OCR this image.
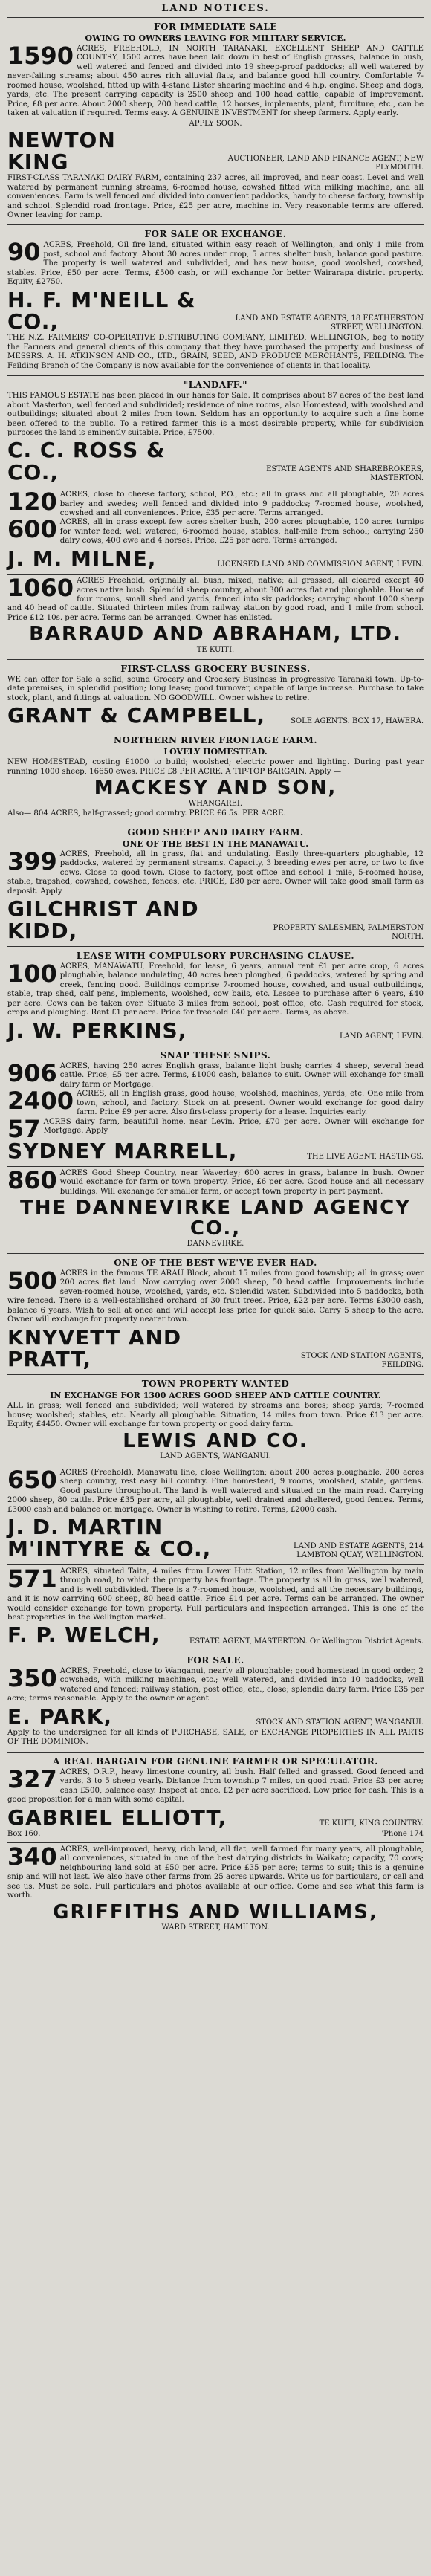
LAND NOTICES.
FOR IMMEDIATE SALE
OWING TO OWNERS LEAVING FOR MILITARY SERVICE.

1590 ACRES, FREEHOLD, IN NORTH TARANAKI, EXCELLENT SHEEP AND CATTLE COUNTRY, 1500 acres have been laid down in best of English grasses, balance in bush, well watered and fenced and divided into 19 sheep-proof paddocks; all well watered by never-failing streams; about 450 acres rich alluvial flats, and balance good hill country. Comfortable 7-roomed house, woolshed, fitted up with 4-stand Lister shearing machine and 4 h.p. engine. Sheep and dogs, yards, etc. The present carrying capacity is 2500 sheep and 100 head cattle, capable of improvement. Price, £8 per acre. About 2000 sheep, 200 head cattle, 12 horses, implements, plant, furniture, etc., can be taken at valuation if required. Terms easy. A GENUINE INVESTMENT for sheep farmers. Apply early.

APPLY SOON.
NEWTON KING	AUCTIONEER, LAND AND FINANCE AGENT, NEW PLYMOUTH.

FIRST-CLASS TARANAKI DAIRY FARM, containing 237 acres, all improved, and near coast. Level and well watered by permanent running streams, 6-roomed house, cowshed fitted with milking machine, and all conveniences. Farm is well fenced and divided into convenient paddocks, handy to cheese factory, township and school. Splendid road frontage. Price, £25 per acre, machine in. Very reasonable terms are offered. Owner leaving for camp.

FOR SALE OR EXCHANGE.

90 ACRES, Freehold, Oil fire land, situated within easy reach of Wellington, and only 1 mile from post, school and factory. About 30 acres under crop, 5 acres shelter bush, balance good pasture. The property is well watered and subdivided, and has new house, good woolshed, cowshed, stables. Price, £50 per acre. Terms, £500 cash, or will exchange for better Wairarapa district property. Equity, £2750.

H. F. M'NEILL & CO.,	LAND AND ESTATE AGENTS, 18 FEATHERSTON STREET, WELLINGTON.

THE N.Z. FARMERS' CO-OPERATIVE DISTRIBUTING COMPANY, LIMITED, WELLINGTON, beg to notify the Farmers and general clients of this company that they have purchased the property and business of MESSRS. A. H. ATKINSON AND CO., LTD., GRAIN, SEED, AND PRODUCE MERCHANTS, FEILDING. The Feilding Branch of the Company is now available for the convenience of clients in that locality.

"LANDAFF."

THIS FAMOUS ESTATE has been placed in our hands for Sale. It comprises about 87 acres of the best land about Masterton, well fenced and subdivided; residence of nine rooms, also Homestead, with woolshed and outbuildings; situated about 2 miles from town. Seldom has an opportunity to acquire such a fine home been offered to the public. To a retired farmer this is a most desirable property, while for subdivision purposes the land is eminently suitable. Price, £7500.

C. C. ROSS & CO.,	ESTATE AGENTS AND SHAREBROKERS, MASTERTON.

120 ACRES, close to cheese factory, school, P.O., etc.; all in grass and all ploughable, 20 acres barley and swedes; well fenced and divided into 9 paddocks; 7-roomed house, woolshed, cowshed and all conveniences. Price, £35 per acre. Terms arranged.

600 ACRES, all in grass except few acres shelter bush, 200 acres ploughable, 100 acres turnips for winter feed; well watered; 6-roomed house, stables, half-mile from school; carrying 250 dairy cows, 400 ewe and 4 horses. Price, £25 per acre. Terms arranged.

J. M. MILNE,	LICENSED LAND AND COMMISSION AGENT, LEVIN.

1060 ACRES Freehold, originally all bush, mixed, native; all grassed, all cleared except 40 acres native bush. Splendid sheep country, about 300 acres flat and ploughable. House of four rooms, small shed and yards, fenced into six paddocks; carrying about 1000 sheep and 40 head of cattle. Situated thirteen miles from railway station by good road, and 1 mile from school. Price £12 10s. per acre. Terms can be arranged. Owner has enlisted.

BARRAUD AND ABRAHAM, LTD.
TE KUITI.
FIRST-CLASS GROCERY BUSINESS.

WE can offer for Sale a solid, sound Grocery and Crockery Business in progressive Taranaki town. Up-to-date premises, in splendid position; long lease; good turnover, capable of large increase. Purchase to take stock, plant, and fittings at valuation. NO GOODWILL. Owner wishes to retire.

GRANT & CAMPBELL,	SOLE AGENTS. BOX 17, HAWERA.
NORTHERN RIVER FRONTAGE FARM.
LOVELY HOMESTEAD.

NEW HOMESTEAD, costing £1000 to build; woolshed; electric power and lighting. During past year running 1000 sheep, 16650 ewes. PRICE £8 PER ACRE. A TIP-TOP BARGAIN. Apply —

MACKESY AND SON,
WHANGAREI.

Also— 804 ACRES, half-grassed; good country. PRICE £6 5s. PER ACRE.

GOOD SHEEP AND DAIRY FARM.
ONE OF THE BEST IN THE MANAWATU.

399 ACRES, Freehold, all in grass, flat and undulating. Easily three-quarters ploughable, 12 paddocks, watered by permanent streams. Capacity, 3 breeding ewes per acre, or two to five cows. Close to good town. Close to factory, post office and school 1 mile, 5-roomed house, stable, trapshed, cowshed, cowshed, fences, etc. PRICE, £80 per acre. Owner will take good small farm as deposit. Apply

GILCHRIST AND KIDD,	PROPERTY SALESMEN, PALMERSTON NORTH.
LEASE WITH COMPULSORY PURCHASING CLAUSE.

100 ACRES, MANAWATU, Freehold, for lease, 6 years, annual rent £1 per acre crop, 6 acres ploughable, balance undulating, 40 acres been ploughed, 6 paddocks, watered by spring and creek, fencing good. Buildings comprise 7-roomed house, cowshed, and usual outbuildings, stable, trap shed, calf pens, implements, woolshed, cow bails, etc. Lessee to purchase after 6 years, £40 per acre. Cows can be taken over. Situate 3 miles from school, post office, etc. Cash required for stock, crops and ploughing. Rent £1 per acre. Price for freehold £40 per acre. Terms, as above.

J. W. PERKINS,	LAND AGENT, LEVIN.
SNAP THESE SNIPS.

906 ACRES, having 250 acres English grass, balance light bush; carries 4 sheep, several head cattle. Price, £5 per acre. Terms, £1000 cash, balance to suit. Owner will exchange for small dairy farm or Mortgage.

2400 ACRES, all in English grass, good house, woolshed, machines, yards, etc. One mile from town, school, and factory. Stock on at present. Owner would exchange for good dairy farm. Price £9 per acre. Also first-class property for a lease. Inquiries early.

57 ACRES dairy farm, beautiful home, near Levin. Price, £70 per acre. Owner will exchange for Mortgage. Apply

SYDNEY MARRELL,	THE LIVE AGENT, HASTINGS.

860 ACRES Good Sheep Country, near Waverley; 600 acres in grass, balance in bush. Owner would exchange for farm or town property. Price, £6 per acre. Good house and all necessary buildings. Will exchange for smaller farm, or accept town property in part payment.

THE DANNEVIRKE LAND AGENCY CO.,
DANNEVIRKE.
ONE OF THE BEST WE'VE EVER HAD.

500 ACRES in the famous TE ARAU Block, about 15 miles from good township; all in grass; over 200 acres flat land. Now carrying over 2000 sheep, 50 head cattle. Improvements include seven-roomed house, woolshed, yards, etc. Splendid water. Subdivided into 5 paddocks, both wire fenced. There is a well-established orchard of 30 fruit trees. Price, £22 per acre. Terms £3000 cash, balance 6 years. Wish to sell at once and will accept less price for quick sale. Carry 5 sheep to the acre. Owner will exchange for property nearer town.

KNYVETT AND PRATT,	STOCK AND STATION AGENTS, FEILDING.
TOWN PROPERTY WANTED
IN EXCHANGE FOR 1300 ACRES GOOD SHEEP AND CATTLE COUNTRY.

ALL in grass; well fenced and subdivided; well watered by streams and bores; sheep yards; 7-roomed house; woolshed; stables, etc. Nearly all ploughable. Situation, 14 miles from town. Price £13 per acre. Equity, £4450. Owner will exchange for town property or good dairy farm.

LEWIS AND CO.
LAND AGENTS, WANGANUI.

650 ACRES (Freehold), Manawatu line, close Wellington; about 200 acres ploughable, 200 acres sheep country, rest easy hill country. Fine homestead, 9 rooms, woolshed, stable, gardens. Good pasture throughout. The land is well watered and situated on the main road. Carrying 2000 sheep, 80 cattle. Price £35 per acre, all ploughable, well drained and sheltered, good fences. Terms, £3000 cash and balance on mortgage. Owner is wishing to retire. Terms, £2000 cash.

J. D. MARTIN M'INTYRE & CO.,	LAND AND ESTATE AGENTS, 214 LAMBTON QUAY, WELLINGTON.

571 ACRES, situated Taita, 4 miles from Lower Hutt Station, 12 miles from Wellington by main through road, to which the property has frontage. The property is all in grass, well watered, and is well subdivided. There is a 7-roomed house, woolshed, and all the necessary buildings, and it is now carrying 600 sheep, 80 head cattle. Price £14 per acre. Terms can be arranged. The owner would consider exchange for town property. Full particulars and inspection arranged. This is one of the best properties in the Wellington market.

F. P. WELCH,	ESTATE AGENT, MASTERTON. Or Wellington District Agents.
FOR SALE.

350 ACRES, Freehold, close to Wanganui, nearly all ploughable; good homestead in good order, 2 cowsheds, with milking machines, etc.; well watered, and divided into 10 paddocks, well watered and fenced; railway station, post office, etc., close; splendid dairy farm. Price £35 per acre; terms reasonable. Apply to the owner or agent.

E. PARK,	STOCK AND STATION AGENT, WANGANUI.

Apply to the undersigned for all kinds of PURCHASE, SALE, or EXCHANGE PROPERTIES IN ALL PARTS OF THE DOMINION.

A REAL BARGAIN FOR GENUINE FARMER OR SPECULATOR.

327 ACRES, O.R.P., heavy limestone country, all bush. Half felled and grassed. Good fenced and yards, 3 to 5 sheep yearly. Distance from township 7 miles, on good road. Price £3 per acre; cash £500, balance easy. Inspect at once. £2 per acre sacrificed. Low price for cash. This is a good proposition for a man with some capital.

GABRIEL ELLIOTT,	TE KUITI, KING COUNTRY.
Box 160.	'Phone 174

340 ACRES, well-improved, heavy, rich land, all flat, well farmed for many years, all ploughable, all conveniences, situated in one of the best dairying districts in Waikato; capacity, 70 cows; neighbouring land sold at £50 per acre. Price £35 per acre; terms to suit; this is a genuine snip and will not last. We also have other farms from 25 acres upwards. Write us for particulars, or call and see us. Must be sold. Full particulars and photos available at our office. Come and see what this farm is worth.

GRIFFITHS AND WILLIAMS,
WARD STREET, HAMILTON.
